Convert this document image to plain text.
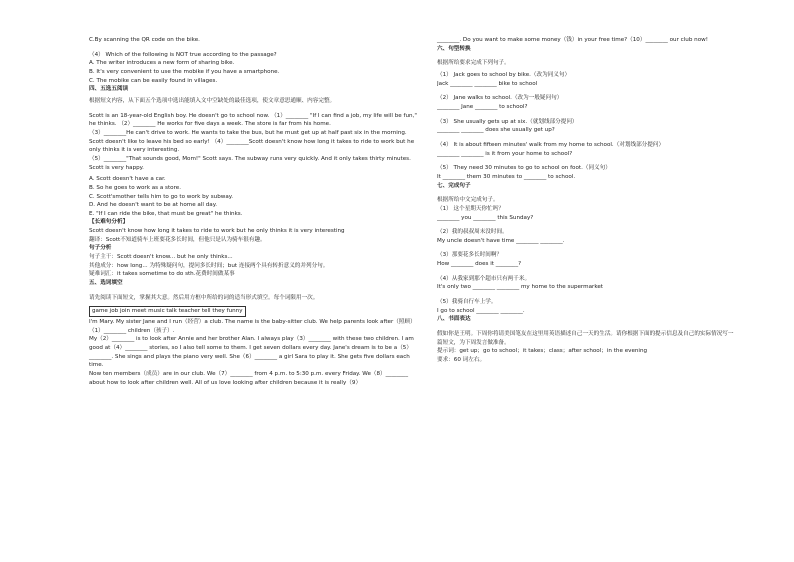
C.By scanning the QR code on the bike.
（4） Which of the following is NOT true according to the passage?
A. The writer introduces a new form of sharing bike.
B. It's very convenient to use the mobike if you have a smartphone.
C. The mobike can be easily found in villages.
四、五选五阅读
根据短文内容，从下面五个选项中选出能填入文中空缺处的最佳选项，使文章意思通顺、内容完整。
Scott is an 18-year-old English boy. He doesn't go to school now. （1）________ "If I can find a job, my life will be fun," he thinks. （2）________ He works for five days a week. The store is far from his home.
（3）________He can't drive to work. He wants to take the bus, but he must get up at half past six in the morning. Scott doesn't like to leave his bed so early! （4）________Scott doesn't know how long it takes to ride to work but he only thinks it is very interesting.
（5）________"That sounds good, Mom!" Scott says. The subway runs very quickly. And it only takes thirty minutes. Scott is very happy.
A. Scott doesn't have a car.
B. So he goes to work as a store.
C. Scott'smother tells him to go to work by subway.
D. And he doesn't want to be at home all day.
E. "If I can ride the bike, that must be great" he thinks.
【长难句分析】
Scott doesn't know how long it takes to ride to work but he only thinks it is very interesting
翻译：Scott不知道骑车上班要花多长时间，但他只是认为骑车很有趣。
句子分析
句子主干：Scott doesn't know... but he only thinks...
其他成分：how long... 为特殊疑问句，提问多长时间；but 连接两个具有转折意义的并列分句。
疑难词汇：it takes sometime to do sth.花费时间做某事
五、选词填空
请先阅读下面短文，掌握其大意。然后用方框中所给的词的适当形式填空。每个词限用一次。
game job join meet music talk teacher tell they funny
I'm Mary. My sister Jane and I run（经营）a club. The name is the baby-sitter club. We help parents look after（照顾）（1）________ children（孩子）.
My（2）________ is to look after Annie and her brother Alan. I always play（3）________ with these two children. I am good at（4）________ stories, so I also tell some to them. I get seven dollars every day. Jane's dream is to be a（5）________. She sings and plays the piano very well. She（6）________ a girl Sara to play it. She gets five dollars each time.
Now ten members（成员）are in our club. We（7）________ from 4 p.m. to 5:30 p.m. every Friday. We（8）________ about how to look after children well. All of us love looking after children because it is really（9）
________. Do you want to make some money（钱）in your free time?（10）________ our club now!
六、句型转换
根据所给要求完成下列句子。
（1） Jack goes to school by bike.（改为同义句）
Jack ________ ________ bike to school
（2） Jane walks to school.（改为一般疑问句）
________ Jane ________ to school?
（3） She usually gets up at six.（就划线部分提问）
________ ________ does she usually get up?
（4） It is about fifteen minutes' walk from my home to school.（对划线部分提问）
________ ________ is it from your home to school?
（5） They need 30 minutes to go to school on foot.（同义句）
It ________ them 30 minutes to ________ to school.
七、完成句子
根据所给中文完成句子。
（1） 这个星期天你忙吗？
________ you ________ this Sunday?
（2）我的叔叔周末没时间。
My uncle doesn't have time ________ ________.
（3）那要花多长时间啊？
How ________ does it ________?
（4）从我家到那个超市只有两千米。
It's only two ________ ________ my home to the supermarket
（5）我骑自行车上学。
I go to school ________ ________.
八、书面表达
假如你是王明。下周你将请美国笔友在这里用英语描述自己一天的生活。请你根据下面的提示信息及自己的实际情况写一篇短文，为下周发言做准备。
提示词：get up；go to school；it takes；class；after school；in the evening
要求：60 词左右。
